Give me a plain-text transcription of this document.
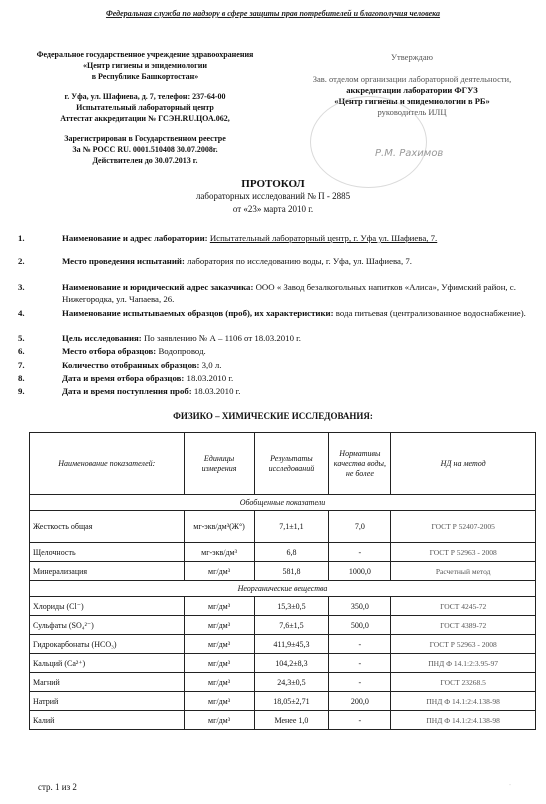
Федеральная служба по надзору в сфере защиты прав потребителей и благополучия человека
Федеральное государственное учреждение здравоохранения
«Центр гигиены и эпидемиологии
в Республике Башкортостан»
г. Уфа, ул. Шафиева, д. 7, телефон: 237-64-00
Испытательный лабораторный центр
Аттестат аккредитации № ГСЭН.RU.ЦОА.062,
Зарегистрирован в Государственном реестре
За № РОСС RU. 0001.510408 30.07.2008г.
Действителен до 30.07.2013 г.
Утверждаю
Зав. отделом организации лабораторной деятельности,
аккредитации лаборатории ФГУЗ
«Центр гигиены и эпидемиологии в РБ»
руководитель ИЛЦ
Р.М. Рахимов
ПРОТОКОЛ
лабораторных исследований № П - 2885
от «23» марта 2010 г.
1.	Наименование и адрес лаборатории: Испытательный лабораторный центр, г. Уфа ул. Шафиева, 7.
2.	Место проведения испытаний: лаборатория по исследованию воды, г. Уфа, ул. Шафиева, 7.
3.	Наименование и юридический адрес заказчика: ООО « Завод безалкогольных напитков «Алиса», Уфимский район, с. Нижегородка, ул. Чапаева, 26.
4.	Наименование испытываемых образцов (проб), их характеристики: вода питьевая (централизованное водоснабжение).
5.	Цель исследования: По заявлению № А – 1106 от 18.03.2010 г.
6.	Место отбора образцов: Водопровод.
7.	Количество отобранных образцов: 3,0 л.
8.	Дата и время отбора образцов: 18.03.2010 г.
9.	Дата и время поступления проб: 18.03.2010 г.
ФИЗИКО – ХИМИЧЕСКИЕ ИССЛЕДОВАНИЯ:
Наименование показателей:	Единицы измерения	Результаты исследований	Нормативы качества воды, не более	НД на метод
Обобщенные показатели				
Жесткость общая	мг-экв/дм³(Ж°)	7,1±1,1	7,0	ГОСТ Р 52407-2005
Щелочность	мг-экв/дм³	6,8	-	ГОСТ Р 52963 - 2008
Минерализация	мг/дм³	581,8	1000,0	Расчетный метод
Неорганические вещества				
Хлориды (Cl⁻)	мг/дм³	15,3±0,5	350,0	ГОСТ 4245-72
Сульфаты (SO₄²⁻)	мг/дм³	7,6±1,5	500,0	ГОСТ 4389-72
Гидрокарбонаты (HCO₃)	мг/дм³	411,9±45,3	-	ГОСТ Р 52963 - 2008
Кальций (Ca²⁺)	мг/дм³	104,2±8,3	-	ПНД Ф 14.1:2:3.95-97
Магний	мг/дм³	24,3±0,5	-	ГОСТ 23268.5
Натрий	мг/дм³	18,05±2,71	200,0	ПНД Ф 14.1:2:4.138-98
Калий	мг/дм³	Менее 1,0	-	ПНД Ф 14.1:2:4.138-98
стр. 1 из 2
